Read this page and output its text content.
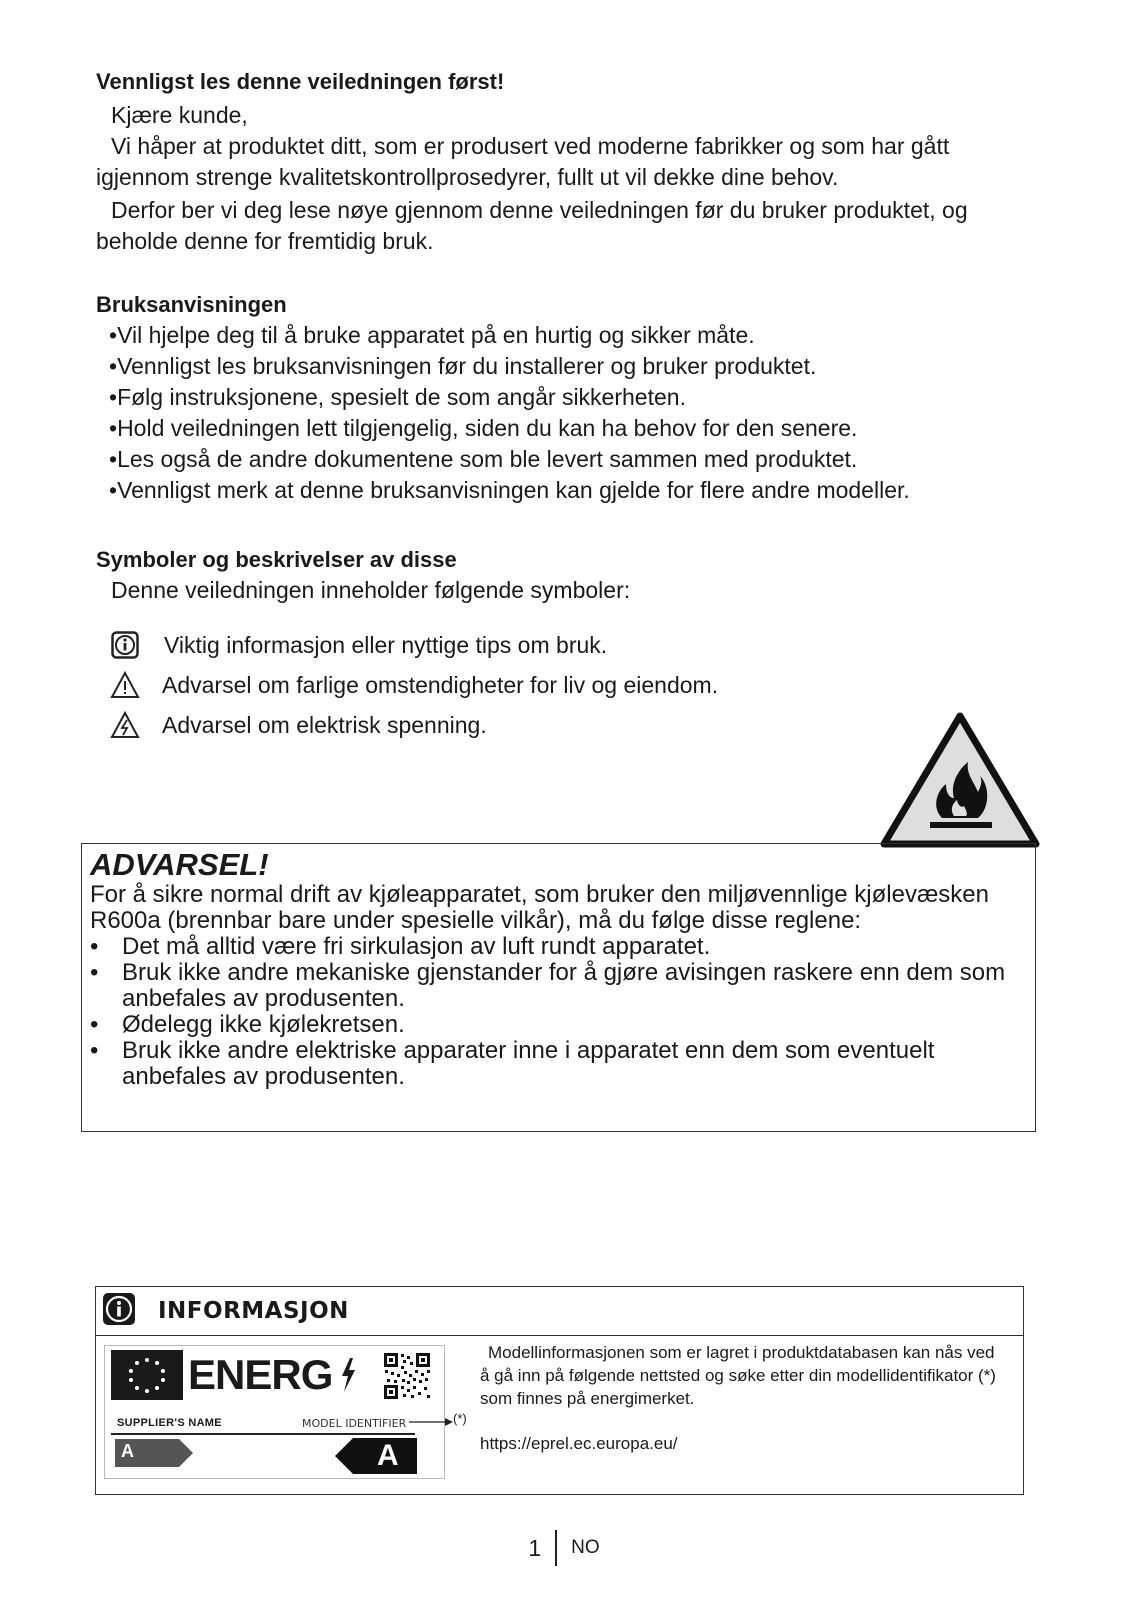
Vennligst les denne veiledningen først!
Kjære kunde,
Vi håper at produktet ditt, som er produsert ved moderne fabrikker og som har gått igjennom strenge kvalitetskontrollprosedyrer, fullt ut vil dekke dine behov.
Derfor ber vi deg lese nøye gjennom denne veiledningen før du bruker produktet, og beholde denne for fremtidig bruk.
Bruksanvisningen
• Vil hjelpe deg til å bruke apparatet på en hurtig og sikker måte.
• Vennligst les bruksanvisningen før du installerer og bruker produktet.
• Følg instruksjonene, spesielt de som angår sikkerheten.
• Hold veiledningen lett tilgjengelig, siden du kan ha behov for den senere.
• Les også de andre dokumentene som ble levert sammen med produktet.
• Vennligst merk at denne bruksanvisningen kan gjelde for flere andre modeller.
Symboler og beskrivelser av disse
Denne veiledningen inneholder følgende symboler:
Viktig informasjon eller nyttige tips om bruk.
Advarsel om farlige omstendigheter for liv og eiendom.
Advarsel om elektrisk spenning.
ADVARSEL!
For å sikre normal drift av kjøleapparatet, som bruker den miljøvennlige kjølevæsken R600a (brennbar bare under spesielle vilkår), må du følge disse reglene:
• Det må alltid være fri sirkulasjon av luft rundt apparatet.
• Bruk ikke andre mekaniske gjenstander for å gjøre avisingen raskere enn dem som anbefales av produsenten.
• Ødelegg ikke kjølekretsen.
• Bruk ikke andre elektriske apparater inne i apparatet enn dem som eventuelt anbefales av produsenten.
INFORMASJON
ENERG
SUPPLIER'S NAME	MODEL IDENTIFIER
A	A
(*)
Modellinformasjonen som er lagret i produktdatabasen kan nås ved å gå inn på følgende nettsted og søke etter din modellidentifikator (*) som finnes på energimerket.
https://eprel.ec.europa.eu/
1 NO
